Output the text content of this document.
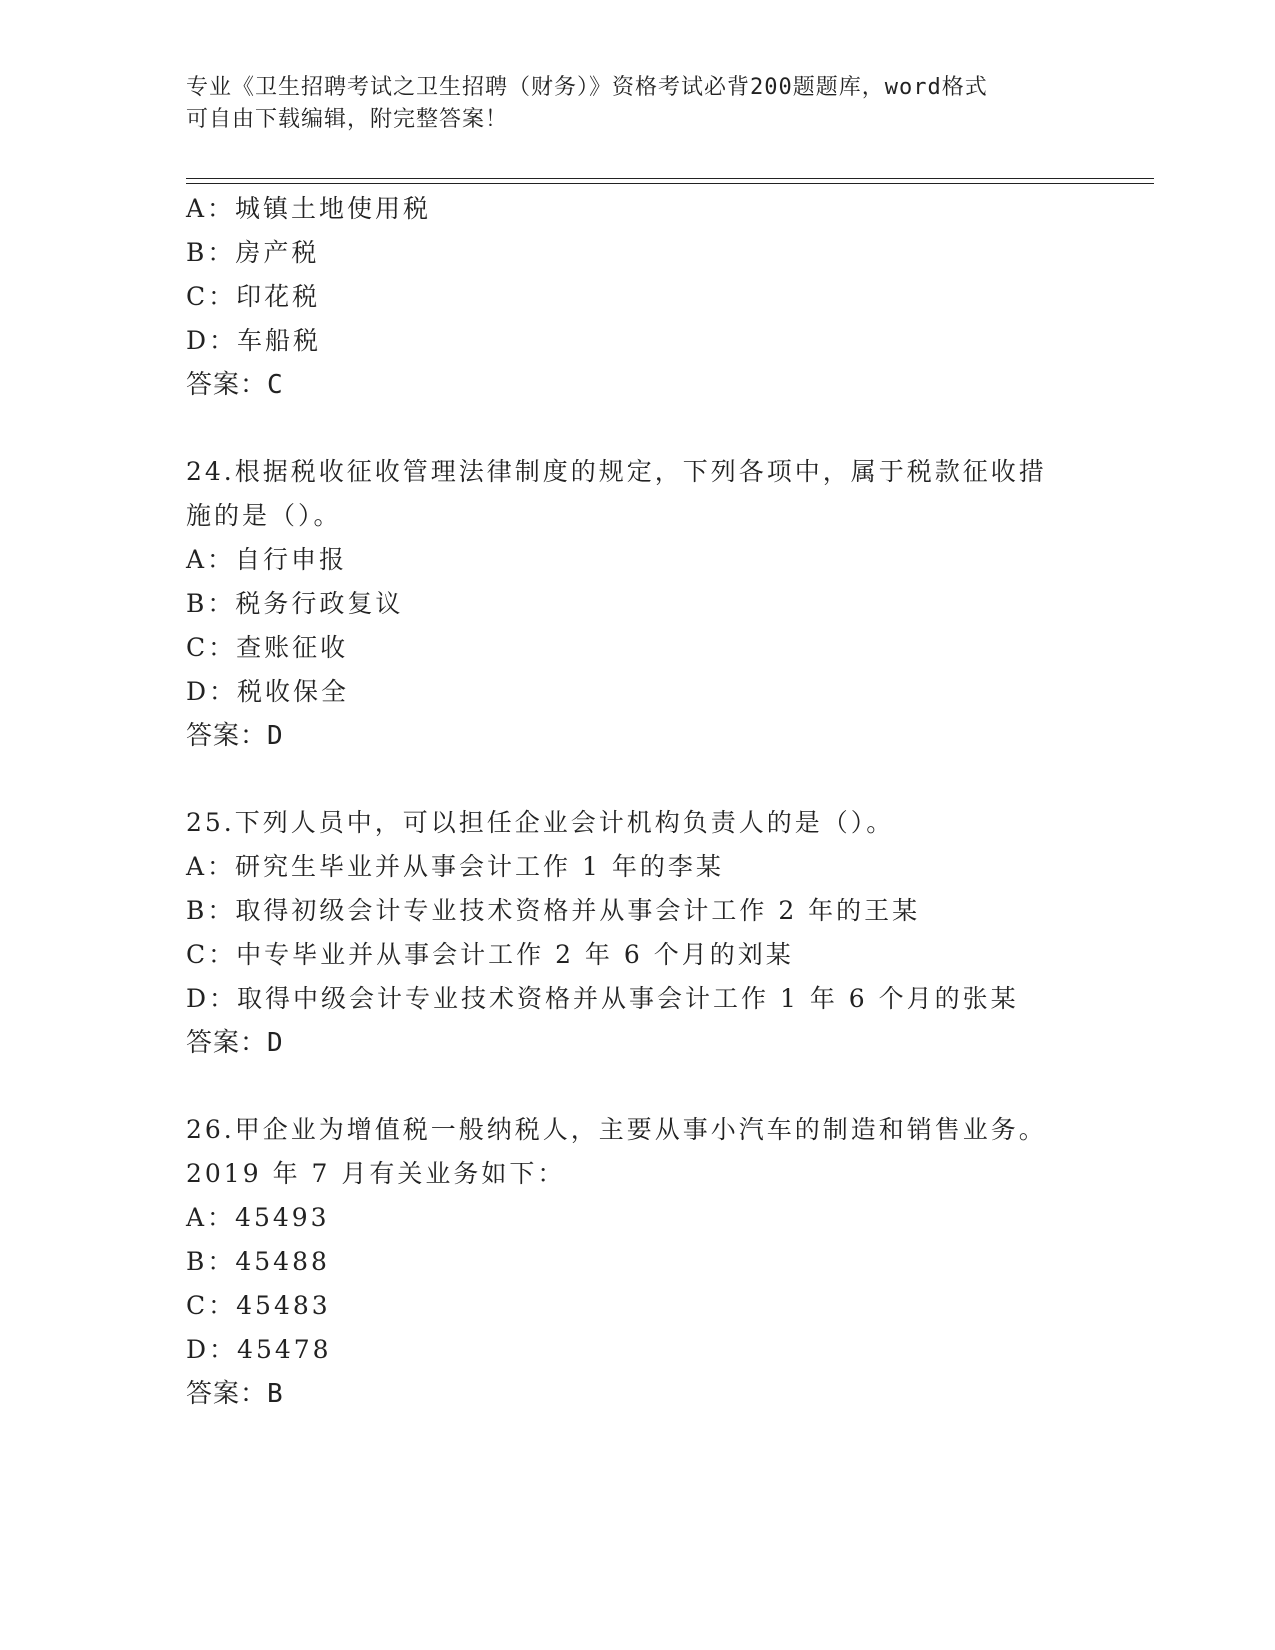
专业《卫生招聘考试之卫生招聘（财务）》资格考试必背200题题库，word格式
可自由下载编辑，附完整答案！
A：城镇土地使用税
B：房产税
C：印花税
D：车船税
答案：C
24.根据税收征收管理法律制度的规定，下列各项中，属于税款征收措
施的是（）。
A：自行申报
B：税务行政复议
C：查账征收
D：税收保全
答案：D
25.下列人员中，可以担任企业会计机构负责人的是（）。
A：研究生毕业并从事会计工作 1 年的李某
B：取得初级会计专业技术资格并从事会计工作 2 年的王某
C：中专毕业并从事会计工作 2 年 6 个月的刘某
D：取得中级会计专业技术资格并从事会计工作 1 年 6 个月的张某
答案：D
26.甲企业为增值税一般纳税人，主要从事小汽车的制造和销售业务。
2019 年 7 月有关业务如下：
A：45493
B：45488
C：45483
D：45478
答案：B
